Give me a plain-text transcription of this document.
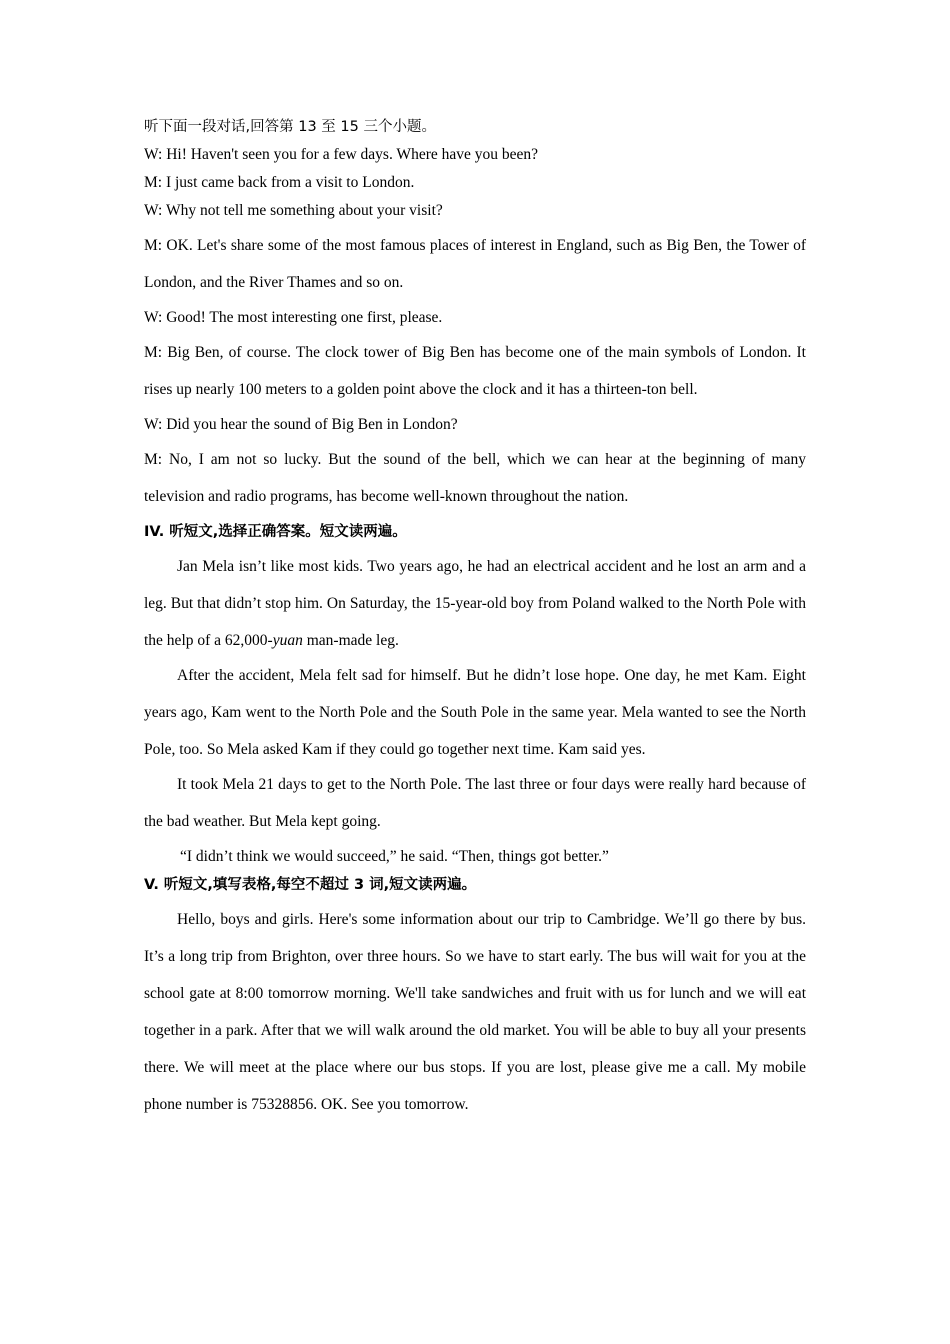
听下面一段对话,回答第 13 至 15 三个小题。

W: Hi! Haven't seen you for a few days. Where have you been?

M: I just came back from a visit to London.

W: Why not tell me something about your visit?

M: OK. Let's share some of the most famous places of interest in England, such as Big Ben, the Tower of London, and the River Thames and so on.

W: Good! The most interesting one first, please.

M: Big Ben, of course. The clock tower of Big Ben has become one of the main symbols of London. It rises up nearly 100 meters to a golden point above the clock and it has a thirteen-ton bell.

W: Did you hear the sound of Big Ben in London?

M: No, I am not so lucky. But the sound of the bell, which we can hear at the beginning of many television and radio programs, has become well-known throughout the nation.

IV. 听短文,选择正确答案。短文读两遍。

Jan Mela isn’t like most kids. Two years ago, he had an electrical accident and he lost an arm and a leg. But that didn’t stop him. On Saturday, the 15-year-old boy from Poland walked to the North Pole with the help of a 62,000-yuan man-made leg.

After the accident, Mela felt sad for himself. But he didn’t lose hope. One day, he met Kam. Eight years ago, Kam went to the North Pole and the South Pole in the same year. Mela wanted to see the North Pole, too. So Mela asked Kam if they could go together next time. Kam said yes.

It took Mela 21 days to get to the North Pole. The last three or four days were really hard because of the bad weather. But Mela kept going.

“I didn’t think we would succeed,” he said. “Then, things got better.”

V. 听短文,填写表格,每空不超过 3 词,短文读两遍。

Hello, boys and girls. Here's some information about our trip to Cambridge. We’ll go there by bus. It’s a long trip from Brighton, over three hours. So we have to start early. The bus will wait for you at the school gate at 8:00 tomorrow morning. We'll take sandwiches and fruit with us for lunch and we will eat together in a park. After that we will walk around the old market. You will be able to buy all your presents there. We will meet at the place where our bus stops. If you are lost, please give me a call. My mobile phone number is 75328856. OK. See you tomorrow.
